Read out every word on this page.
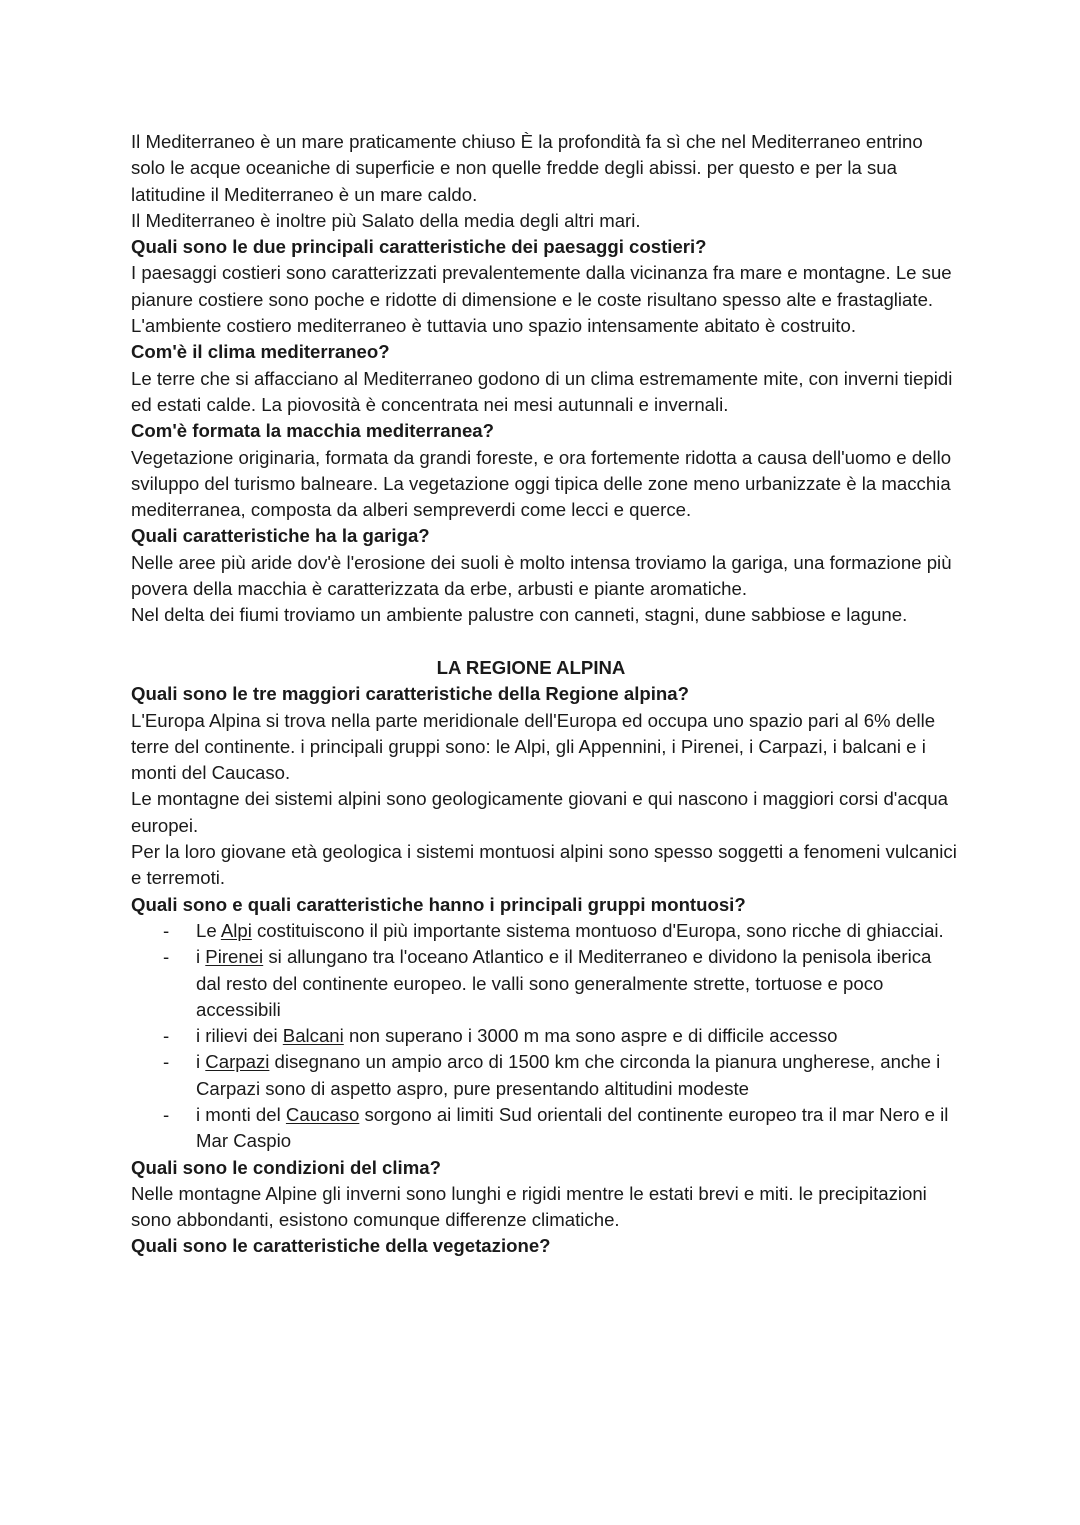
Il Mediterraneo è un mare praticamente chiuso È la profondità fa sì che nel Mediterraneo entrino solo le acque oceaniche di superficie e non quelle fredde degli abissi. per questo e per la sua latitudine il Mediterraneo è un mare caldo.

Il Mediterraneo è inoltre più Salato della media degli altri mari.

Quali sono le due principali caratteristiche dei paesaggi costieri?

I paesaggi costieri sono caratterizzati prevalentemente dalla vicinanza fra mare e montagne. Le sue pianure costiere sono poche e ridotte di dimensione e le coste risultano spesso alte e frastagliate. L'ambiente costiero mediterraneo è tuttavia uno spazio intensamente abitato è costruito.

Com'è il clima mediterraneo?

Le terre che si affacciano al Mediterraneo godono di un clima estremamente mite, con inverni tiepidi ed estati calde. La piovosità è concentrata nei mesi autunnali e invernali.

Com'è formata la macchia mediterranea?

Vegetazione originaria, formata da grandi foreste, e ora fortemente ridotta a causa dell'uomo e dello sviluppo del turismo balneare. La vegetazione oggi tipica delle zone meno urbanizzate è la macchia mediterranea, composta da alberi sempreverdi come lecci e querce.

Quali caratteristiche ha la gariga?

Nelle aree più aride dov'è l'erosione dei suoli è molto intensa troviamo la gariga, una formazione più povera della macchia è caratterizzata da erbe, arbusti e piante aromatiche.

Nel delta dei fiumi troviamo un ambiente palustre con canneti, stagni, dune sabbiose e lagune.

LA REGIONE ALPINA

Quali sono le tre maggiori caratteristiche della Regione alpina?

L'Europa Alpina si trova nella parte meridionale dell'Europa ed occupa uno spazio pari al 6% delle terre del continente. i principali gruppi sono: le Alpi, gli Appennini, i Pirenei, i Carpazi, i balcani e i monti del Caucaso.

Le montagne dei sistemi alpini sono geologicamente giovani e qui nascono i maggiori corsi d'acqua europei.

Per la loro giovane età geologica i sistemi montuosi alpini sono spesso soggetti a fenomeni vulcanici e terremoti.

Quali sono e quali caratteristiche hanno i principali gruppi montuosi?

- Le Alpi costituiscono il più importante sistema montuoso d'Europa, sono ricche di ghiacciai.
- i Pirenei si allungano tra l'oceano Atlantico e il Mediterraneo e dividono la penisola iberica dal resto del continente europeo. le valli sono generalmente strette, tortuose e poco accessibili
- i rilievi dei Balcani non superano i 3000 m ma sono aspre e di difficile accesso
- i Carpazi disegnano un ampio arco di 1500 km che circonda la pianura ungherese, anche i Carpazi sono di aspetto aspro, pure presentando altitudini modeste
- i monti del Caucaso sorgono ai limiti Sud orientali del continente europeo tra il mar Nero e il Mar Caspio

Quali sono le condizioni del clima?

Nelle montagne Alpine gli inverni sono lunghi e rigidi mentre le estati brevi e miti. le precipitazioni sono abbondanti, esistono comunque differenze climatiche.

Quali sono le caratteristiche della vegetazione?
